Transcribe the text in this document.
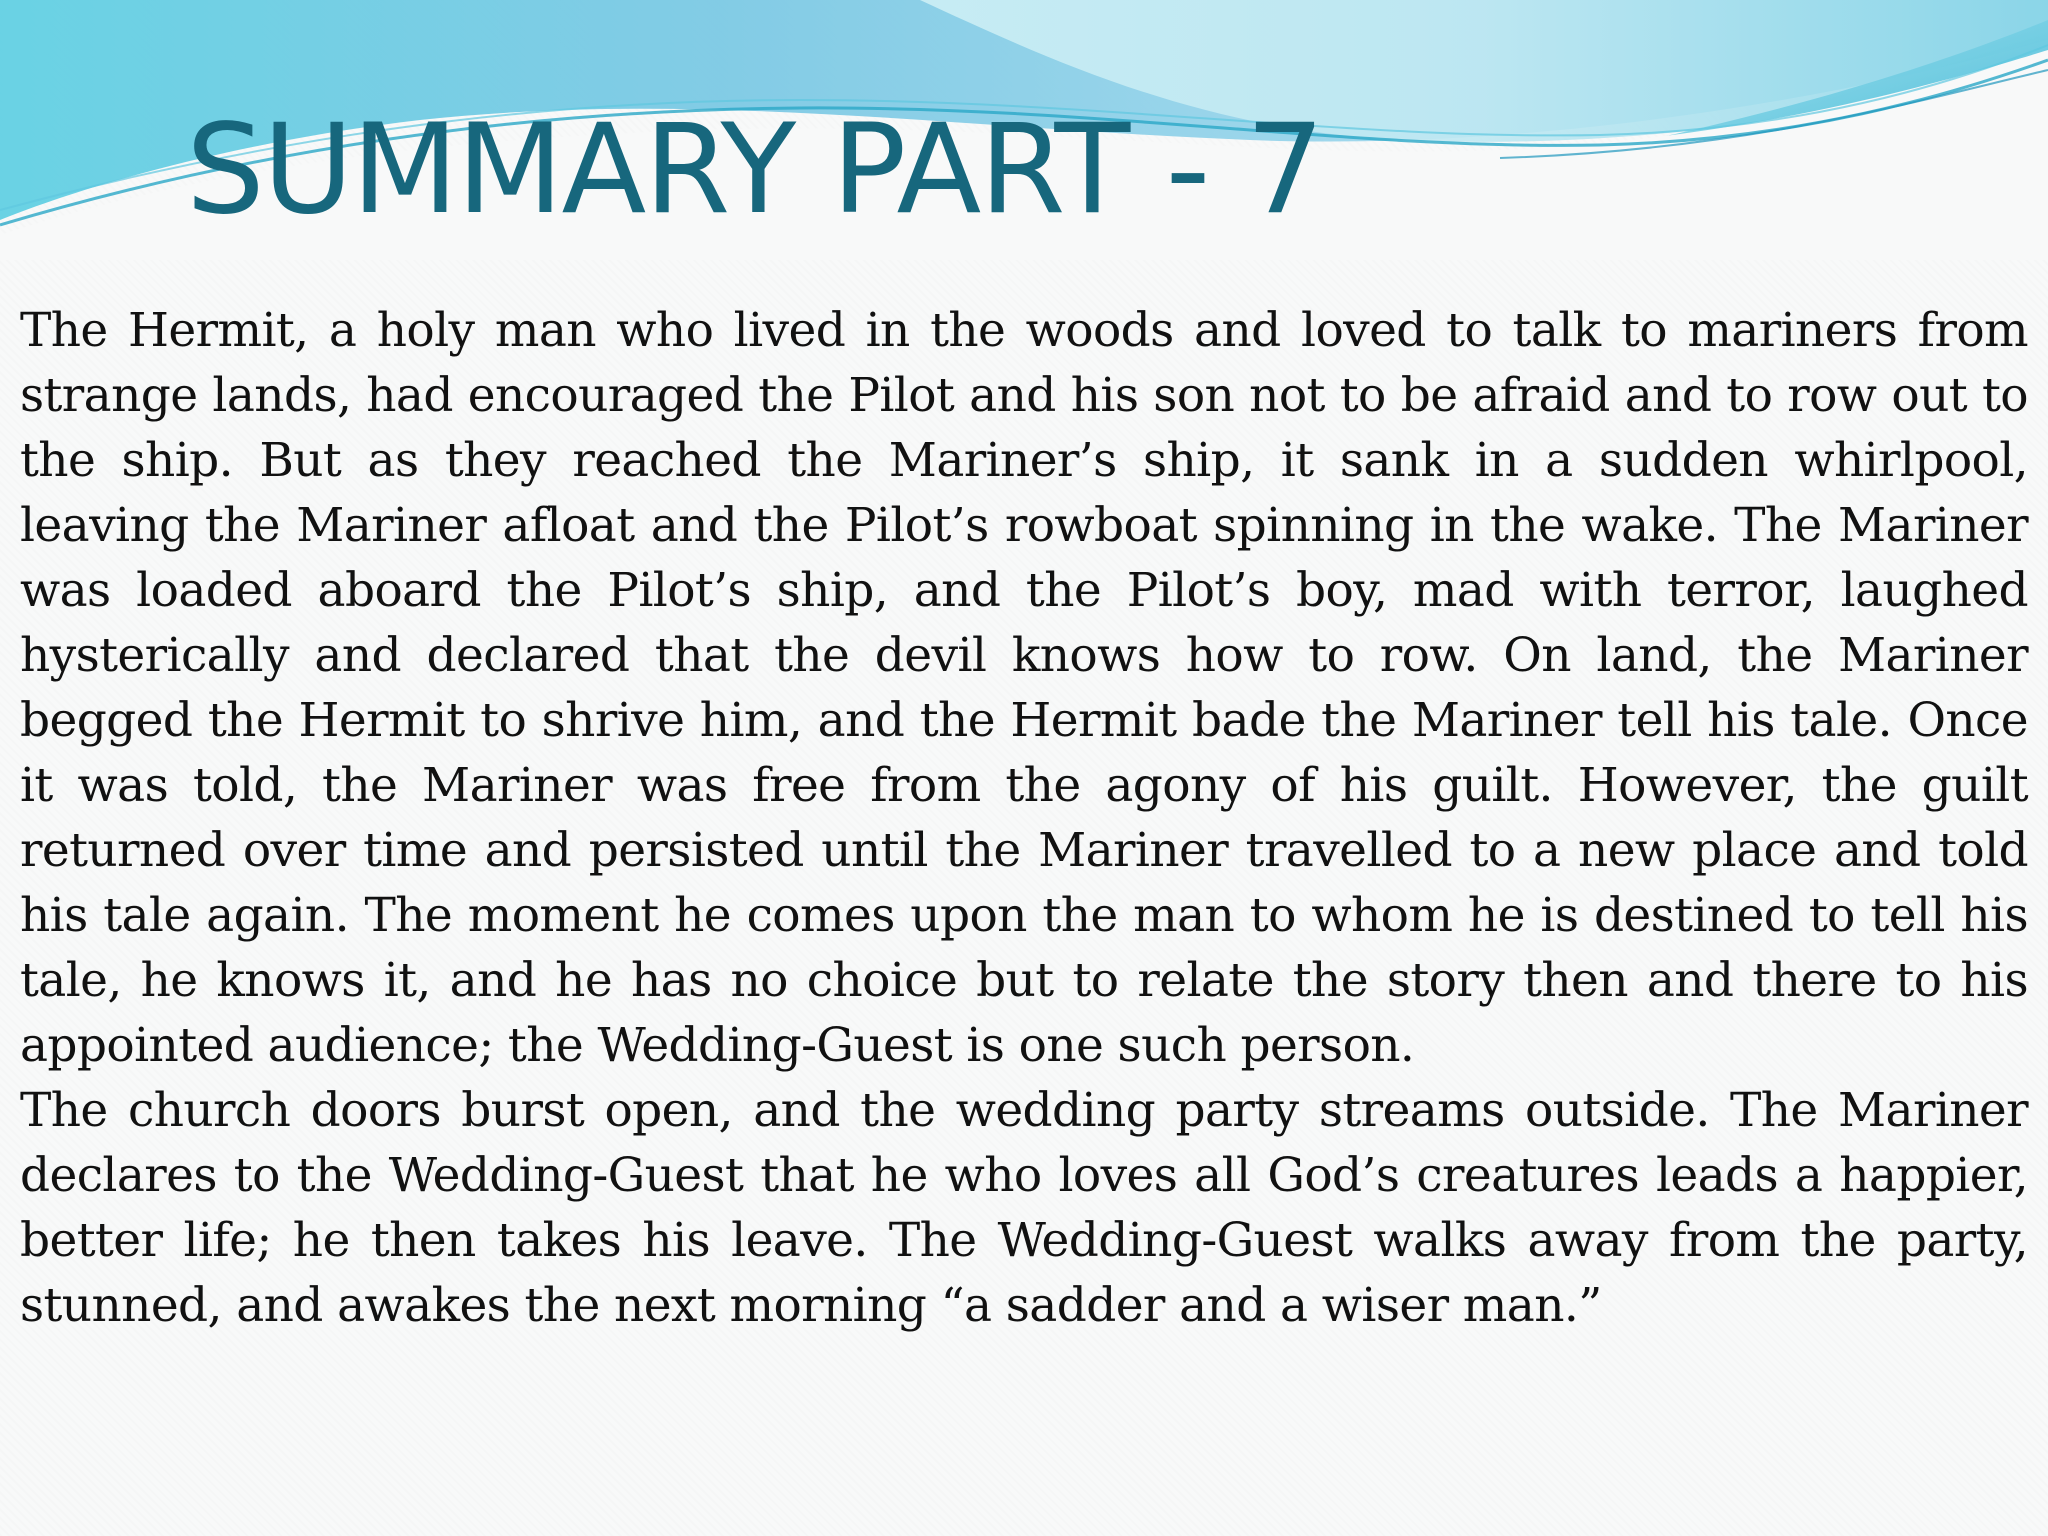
SUMMARY PART - 7

The Hermit, a holy man who lived in the woods and loved to talk to mariners from strange lands, had encouraged the Pilot and his son not to be afraid and to row out to the ship. But as they reached the Mariner’s ship, it sank in a sudden whirlpool, leaving the Mariner afloat and the Pilot’s rowboat spinning in the wake. The Mariner was loaded aboard the Pilot’s ship, and the Pilot’s boy, mad with terror, laughed hysterically and declared that the devil knows how to row. On land, the Mariner begged the Hermit to shrive him, and the Hermit bade the Mariner tell his tale. Once it was told, the Mariner was free from the agony of his guilt. However, the guilt returned over time and persisted until the Mariner travelled to a new place and told his tale again. The moment he comes upon the man to whom he is destined to tell his tale, he knows it, and he has no choice but to relate the story then and there to his appointed audience; the Wedding-Guest is one such person.

The church doors burst open, and the wedding party streams outside. The Mariner declares to the Wedding-Guest that he who loves all God’s creatures leads a happier, better life; he then takes his leave. The Wedding-Guest walks away from the party, stunned, and awakes the next morning “a sadder and a wiser man.”
